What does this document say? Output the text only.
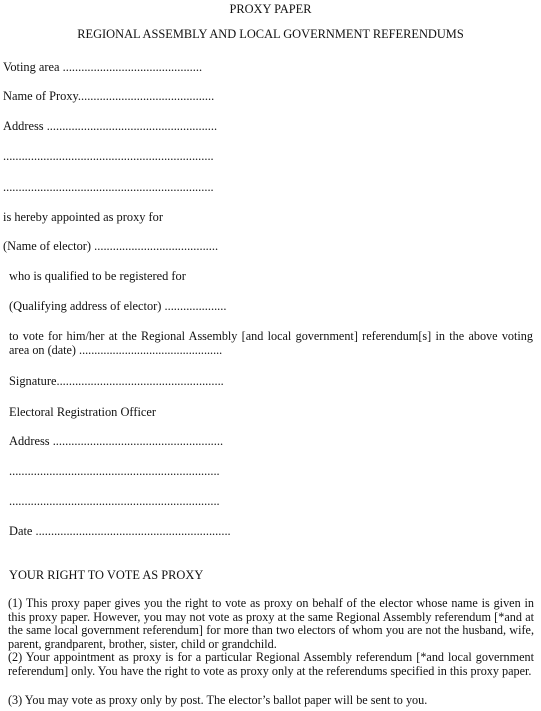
PROXY PAPER
REGIONAL ASSEMBLY AND LOCAL GOVERNMENT REFERENDUMS
Voting area .............................................
Name of Proxy............................................
Address .......................................................
....................................................................
....................................................................
is hereby appointed as proxy for
(Name of elector) ........................................
who is qualified to be registered for
(Qualifying address of elector) ....................
to vote for him/her at the Regional Assembly [and local government] referendum[s] in the above voting area on (date) ...............................................
Signature......................................................
Electoral Registration Officer
Address .......................................................
....................................................................
....................................................................
Date ...............................................................
YOUR RIGHT TO VOTE AS PROXY
(1) This proxy paper gives you the right to vote as proxy on behalf of the elector whose name is given in this proxy paper. However, you may not vote as proxy at the same Regional Assembly referendum [*and at the same local government referendum] for more than two electors of whom you are not the husband, wife, parent, grandparent, brother, sister, child or grandchild.
(2) Your appointment as proxy is for a particular Regional Assembly referendum [*and local government referendum] only. You have the right to vote as proxy only at the referendums specified in this proxy paper.
(3) You may vote as proxy only by post. The elector’s ballot paper will be sent to you.
